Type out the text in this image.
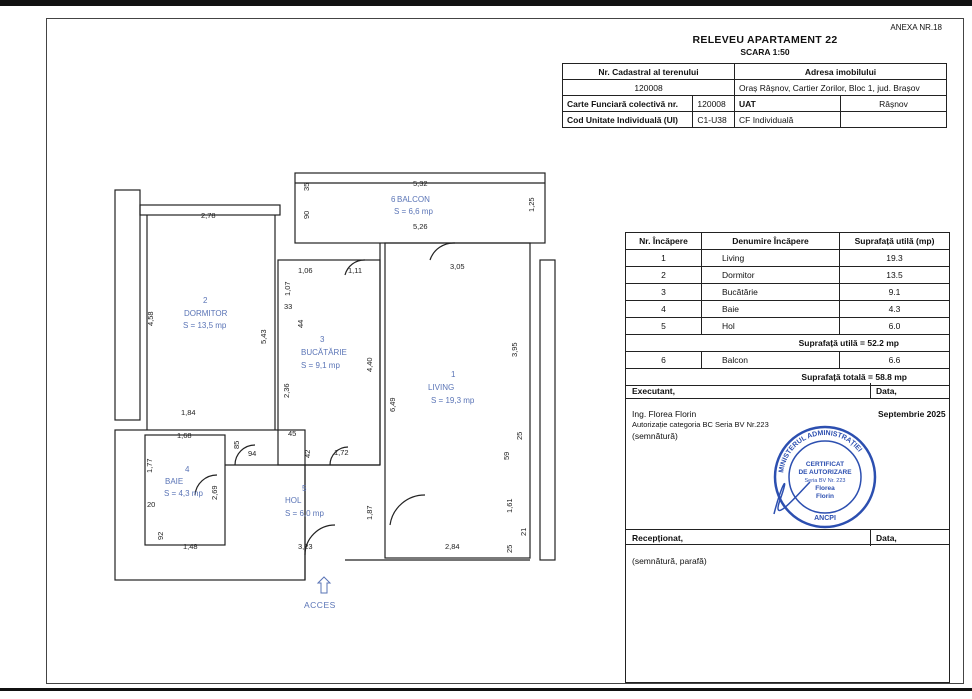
ANEXA NR.18
RELEVEU APARTAMENT 22
SCARA 1:50
Nr. Cadastral al terenului		Adresa imobilului	
120008		Oraș Râșnov, Cartier Zorilor, Bloc 1, jud. Brașov	
Carte Funciară colectivă nr.	120008	UAT	Râșnov
Cod Unitate Individuală (UI)	C1-U38	CF Individuală	
Nr. Încăpere	Denumire Încăpere	Suprafață utilă (mp)
1	Living	19.3
2	Dormitor	13.5
3	Bucătărie	9.1
4	Baie	4.3
5	Hol	6.0
Suprafață utilă = 52.2 mp		
6	Balcon	6.6
Suprafață totală = 58.8 mp		
Executant,	Data,
Ing. Florea Florin	Septembrie 2025
Autorizație categoria BC Seria BV Nr.223
(semnătură)
Recepționat,	Data,
(semnătură, parafă)
MINISTERUL ADMINISTRAȚIEI
CERTIFICAT
DE AUTORIZARE
Seria BV Nr. 223
Florea
Florin
ANCPI
6 BALCON
S = 6,6 mp
2
DORMITOR
S = 13,5 mp
3
BUCĂTĂRIE
S = 9,1 mp
1
LIVING
S = 19,3 mp
4
BAIE
S = 4,3 mp
5
HOL
S = 6,0 mp
5,32
5,26
35
90
1,25
2,78
4,58
5,43
1,84
1,06	1,11
1,07
33
44
2,36
4,40
45
42	1,72
3,05
3,95
6,49
25
59
1,61
21
25
2,84
1,68
85
94
1,77
20
2,69
92
1,48
1,87
3,23
ACCES
